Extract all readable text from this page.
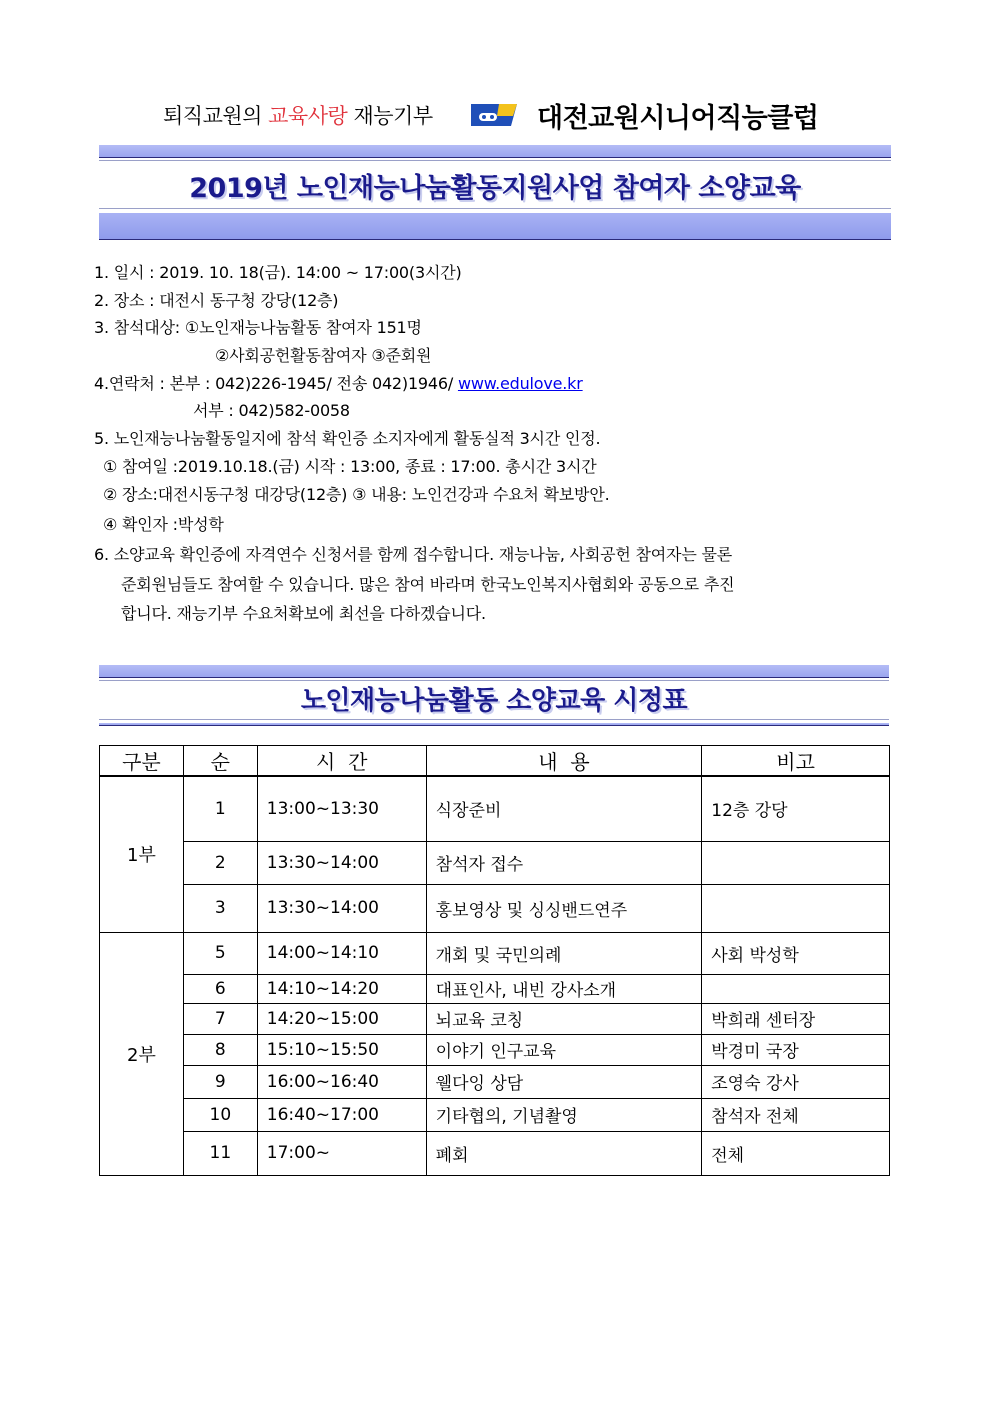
퇴직교원의 교육사랑 재능기부	대전교원시니어직능클럽
2019년 노인재능나눔활동지원사업 참여자 소양교육
1. 일시 : 2019. 10. 18(금). 14:00 ~ 17:00(3시간)
2. 장소 : 대전시 동구청 강당(12층)
3. 참석대상: ①노인재능나눔활동 참여자 151명
②사회공헌활동참여자 ③준회원
4.연락처 : 본부 : 042)226-1945/ 전송 042)1946/ www.edulove.kr
서부 : 042)582-0058
5. 노인재능나눔활동일지에 참석 확인증 소지자에게 활동실적 3시간 인정.
① 참여일 :2019.10.18.(금) 시작 : 13:00, 종료 : 17:00. 총시간 3시간
② 장소:대전시동구청 대강당(12층) ③ 내용: 노인건강과 수요처 확보방안.
④ 확인자 :박성학
6. 소양교육 확인증에 자격연수 신청서를 함께 접수합니다. 재능나눔, 사회공헌 참여자는 물론
준회원님들도 참여할 수 있습니다. 많은 참여 바라며 한국노인복지사협회와 공동으로 추진
합니다. 재능기부 수요처확보에 최선을 다하겠습니다.
노인재능나눔활동 소양교육 시정표
구분	순	시  간	내  용	비고
1부	1	13:00~13:30	식장준비	12층 강당
	2	13:30~14:00	참석자 접수	
	3	13:30~14:00	홍보영상 및 싱싱밴드연주	
2부	5	14:00~14:10	개회 및 국민의례	사회 박성학
	6	14:10~14:20	대표인사, 내빈 강사소개	
	7	14:20~15:00	뇌교육 코칭	박희래 센터장
	8	15:10~15:50	이야기 인구교육	박경미 국장
	9	16:00~16:40	웰다잉 상담	조영숙 강사
	10	16:40~17:00	기타협의, 기념촬영	참석자 전체
	11	17:00~	폐회	전체
